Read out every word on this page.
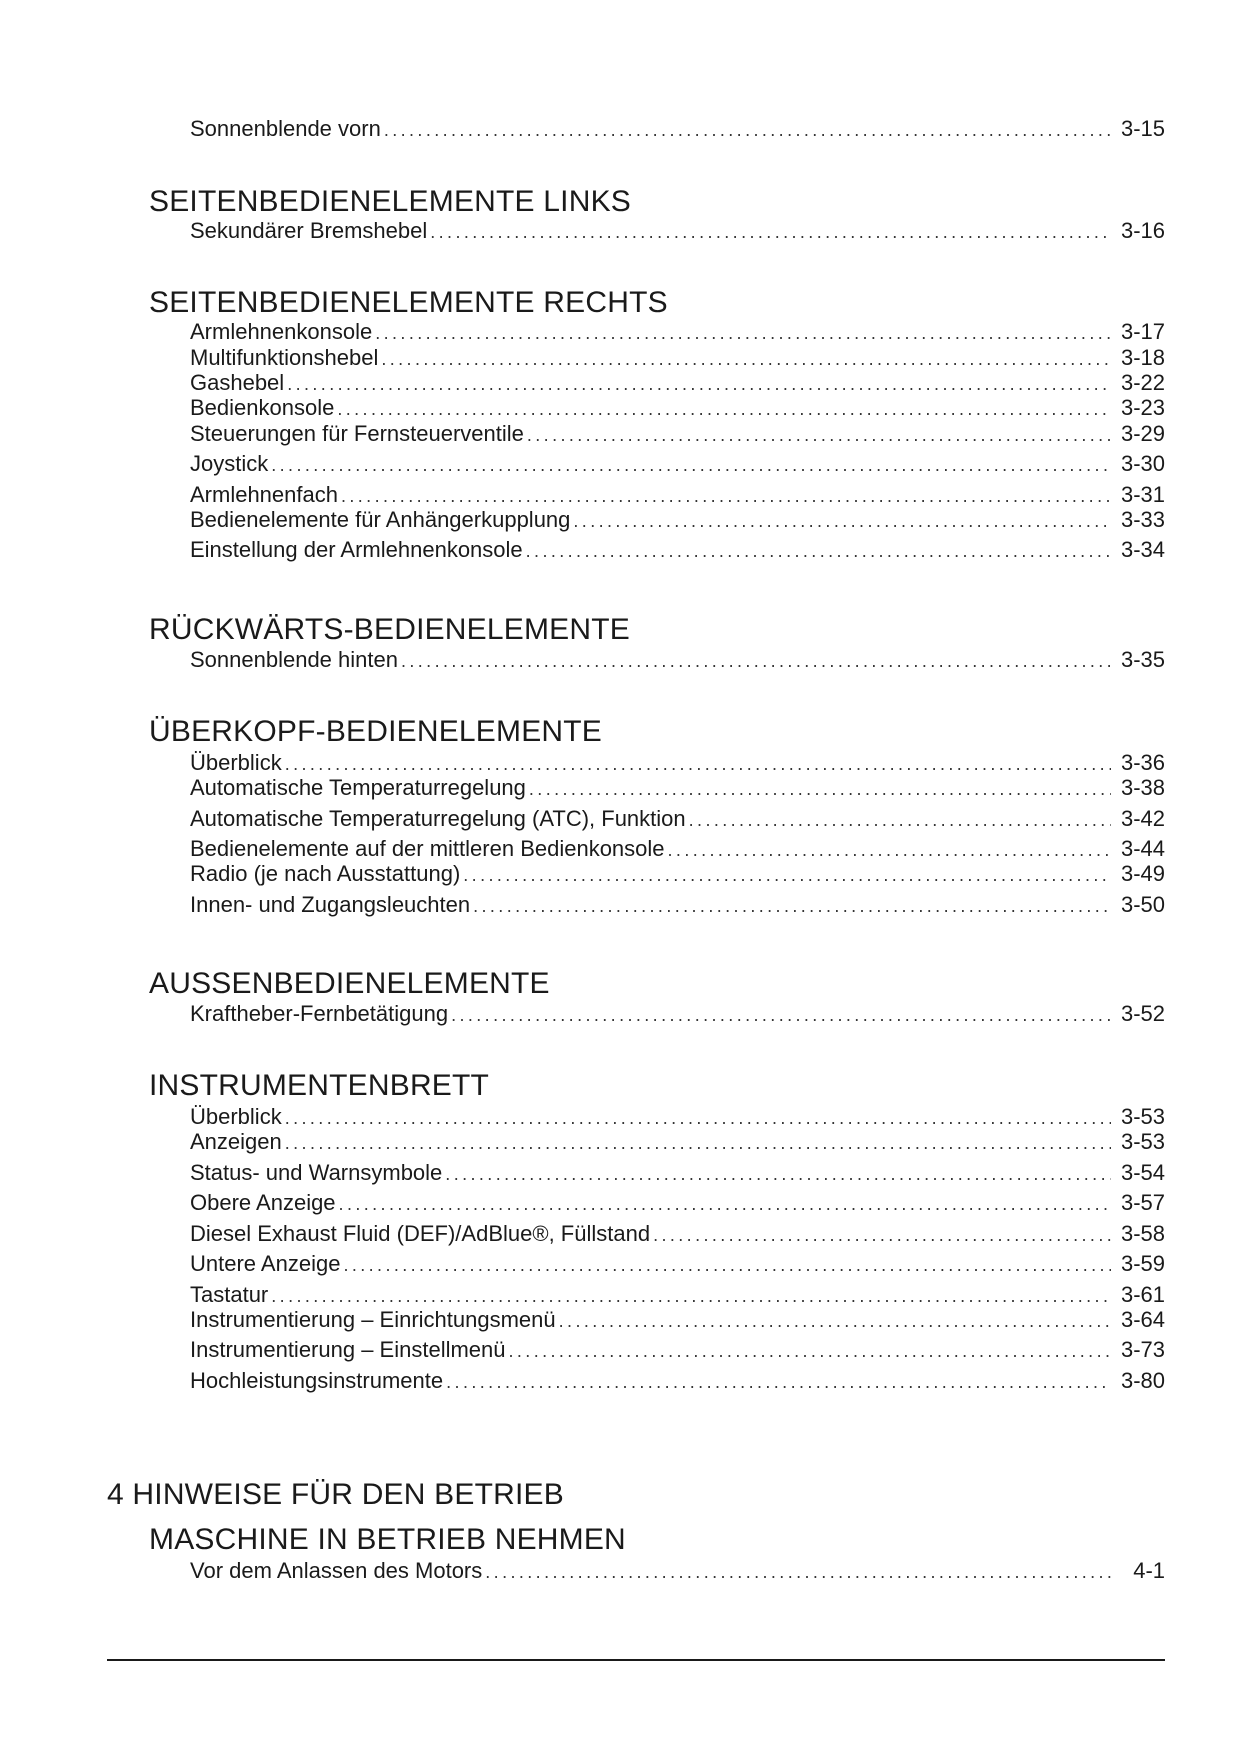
Sonnenblende vorn .....	3-15
SEITENBEDIENELEMENTE LINKS
Sekundärer Bremshebel .....	3-16
SEITENBEDIENELEMENTE RECHTS
Armlehnenkonsole .....	3-17
Multifunktionshebel .....	3-18
Gashebel .....	3-22
Bedienkonsole .....	3-23
Steuerungen für Fernsteuerventile .....	3-29
Joystick .....	3-30
Armlehnenfach .....	3-31
Bedienelemente für Anhängerkupplung .....	3-33
Einstellung der Armlehnenkonsole .....	3-34
RÜCKWÄRTS-BEDIENELEMENTE
Sonnenblende hinten .....	3-35
ÜBERKOPF-BEDIENELEMENTE
Überblick .....	3-36
Automatische Temperaturregelung .....	3-38
Automatische Temperaturregelung (ATC), Funktion .....	3-42
Bedienelemente auf der mittleren Bedienkonsole .....	3-44
Radio (je nach Ausstattung) .....	3-49
Innen- und Zugangsleuchten .....	3-50
AUSSENBEDIENELEMENTE
Kraftheber-Fernbetätigung .....	3-52
INSTRUMENTENBRETT
Überblick .....	3-53
Anzeigen .....	3-53
Status- und Warnsymbole .....	3-54
Obere Anzeige .....	3-57
Diesel Exhaust Fluid (DEF)/AdBlue®, Füllstand .....	3-58
Untere Anzeige .....	3-59
Tastatur .....	3-61
Instrumentierung – Einrichtungsmenü .....	3-64
Instrumentierung – Einstellmenü .....	3-73
Hochleistungsinstrumente .....	3-80
4 HINWEISE FÜR DEN BETRIEB
MASCHINE IN BETRIEB NEHMEN
Vor dem Anlassen des Motors .....	4-1
